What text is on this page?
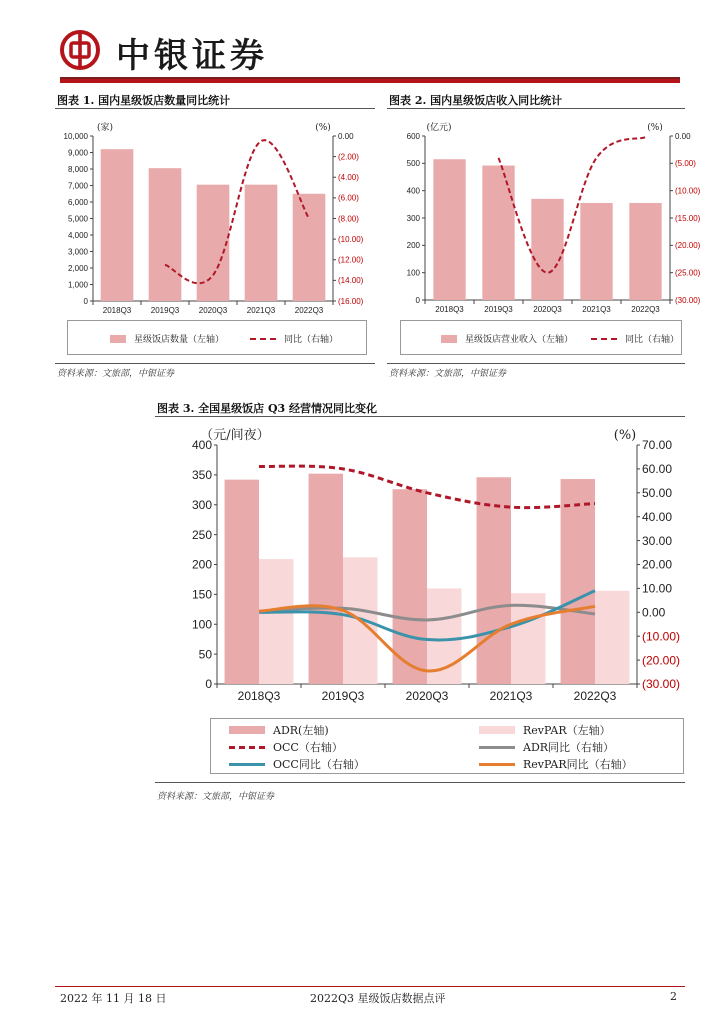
中银证券
图表 1. 国内星级饭店数量同比统计
0
1,000
2,000
3,000
4,000
5,000
6,000
7,000
8,000
9,000
10,000	0.00
(2.00)
(4.00)
(6.00)
(8.00)
(10.00)
(12.00)
(14.00)
(16.00)
2018Q3 2019Q3 2020Q3 2021Q3 2022Q3
(家)	(%)
星级饭店数量（左轴）	同比（右轴）
资料来源：文旅部，中银证券
图表 2. 国内星级饭店收入同比统计
0
100
200
300
400
500
600	0.00
(5.00)
(10.00)
(15.00)
(20.00)
(25.00)
(30.00)
2018Q3	2019Q3	2020Q3	2021Q3	2022Q3
(亿元)	(%)
星级饭店营业收入（左轴）	同比（右轴）
资料来源：文旅部，中银证券
图表 3. 全国星级饭店 Q3 经营情况同比变化
0
50
100
150
200
250
300
350
400	70.00
60.00
50.00
40.00
30.00
20.00
10.00
0.00
(10.00)
(20.00)
(30.00)
2018Q3	2019Q3	2020Q3	2021Q3	2022Q3
（元/间夜）	(%)
ADR(左轴)	RevPAR（左轴）
OCC（右轴）	ADR同比（右轴）
OCC同比（右轴）	RevPAR同比（右轴）
资料来源：文旅部，中银证券
2022 年 11 月 18 日	2022Q3 星级饭店数据点评	2
